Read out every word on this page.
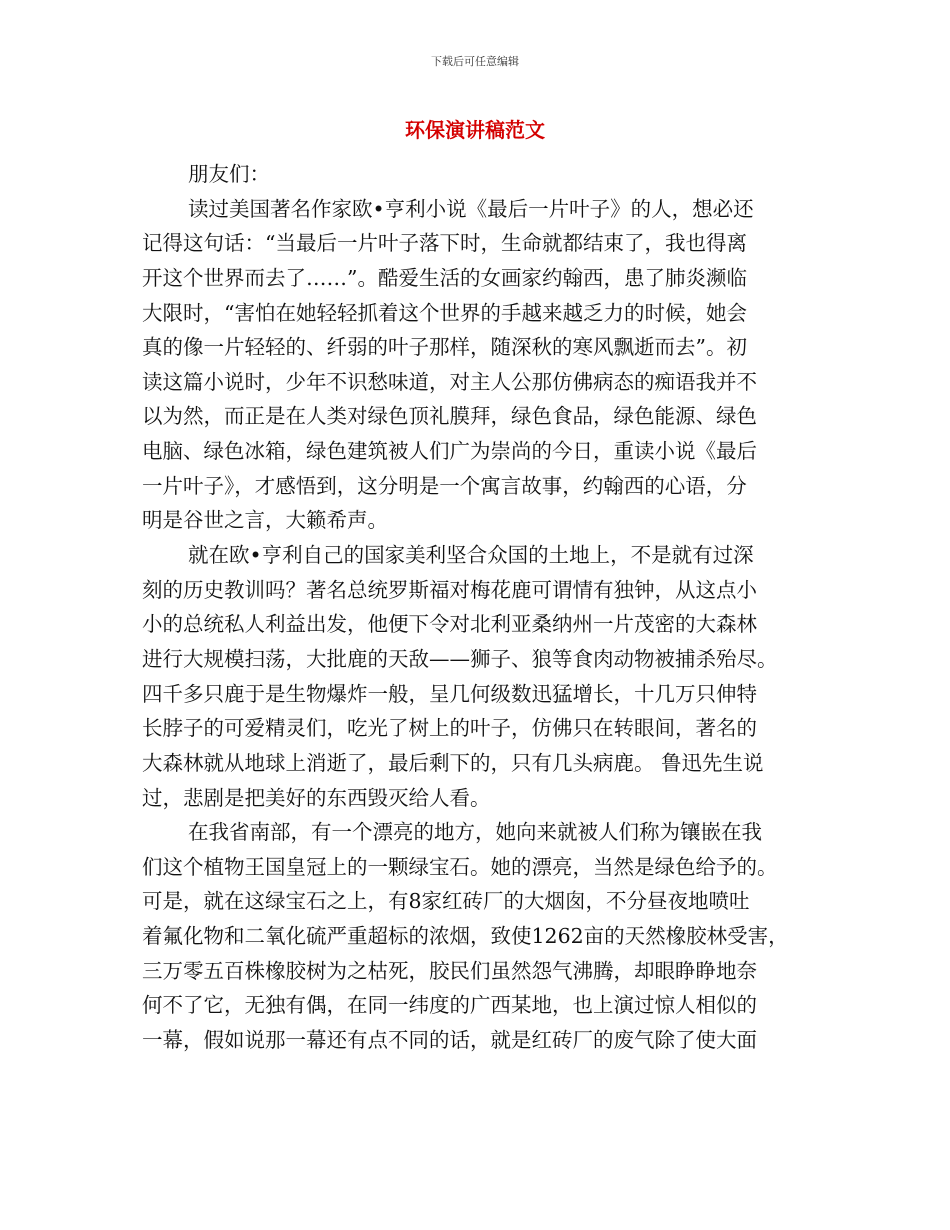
下载后可任意编辑
环保演讲稿范文
朋友们：
读过美国著名作家欧•亨利小说《最后一片叶子》的人，想必还
记得这句话：“当最后一片叶子落下时，生命就都结束了，我也得离
开这个世界而去了……”。酷爱生活的女画家约翰西，患了肺炎濒临
大限时，“害怕在她轻轻抓着这个世界的手越来越乏力的时候，她会
真的像一片轻轻的、纤弱的叶子那样，随深秋的寒风飘逝而去”。初
读这篇小说时，少年不识愁味道，对主人公那仿佛病态的痴语我并不
以为然，而正是在人类对绿色顶礼膜拜，绿色食品，绿色能源、绿色
电脑、绿色冰箱，绿色建筑被人们广为崇尚的今日，重读小说《最后
一片叶子》，才感悟到，这分明是一个寓言故事，约翰西的心语，分
明是谷世之言，大籁希声。
就在欧•亨利自己的国家美利坚合众国的土地上，不是就有过深
刻的历史教训吗？著名总统罗斯福对梅花鹿可谓情有独钟，从这点小
小的总统私人利益出发，他便下令对北利亚桑纳州一片茂密的大森林
进行大规模扫荡，大批鹿的天敌——狮子、狼等食肉动物被捕杀殆尽。
四千多只鹿于是生物爆炸一般，呈几何级数迅猛增长，十几万只伸特
长脖子的可爱精灵们，吃光了树上的叶子，仿佛只在转眼间，著名的
大森林就从地球上消逝了，最后剩下的，只有几头病鹿。 鲁迅先生说
过，悲剧是把美好的东西毁灭给人看。
在我省南部，有一个漂亮的地方，她向来就被人们称为镶嵌在我
们这个植物王国皇冠上的一颗绿宝石。她的漂亮，当然是绿色给予的。
可是，就在这绿宝石之上，有8家红砖厂的大烟囱，不分昼夜地喷吐
着氟化物和二氧化硫严重超标的浓烟，致使1262亩的天然橡胶林受害，
三万零五百株橡胶树为之枯死，胶民们虽然怨气沸腾，却眼睁睁地奈
何不了它，无独有偶，在同一纬度的广西某地，也上演过惊人相似的
一幕，假如说那一幕还有点不同的话，就是红砖厂的废气除了使大面
